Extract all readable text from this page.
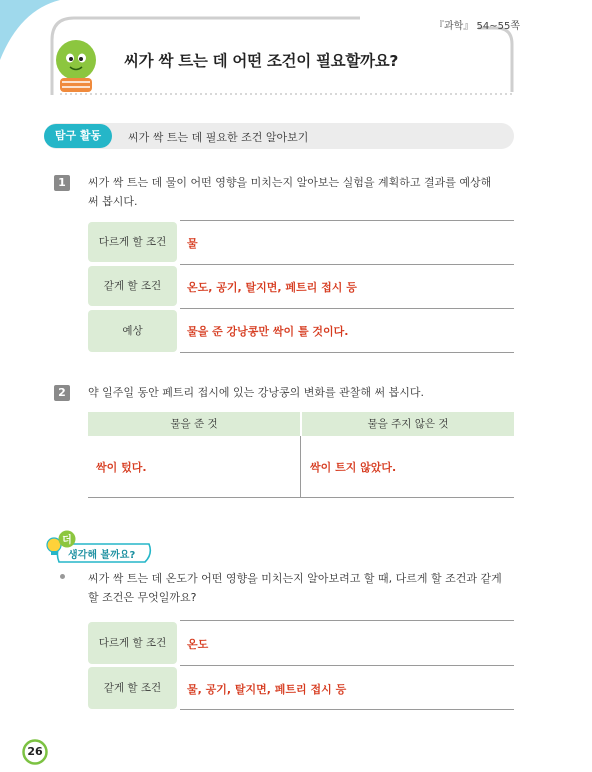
『과학』 54~55쪽
씨가 싹 트는 데 어떤 조건이 필요할까요?
탐구 활동	씨가 싹 트는 데 필요한 조건 알아보기
1	씨가 싹 트는 데 물이 어떤 영향을 미치는지 알아보는 실험을 계획하고 결과를 예상해
써 봅시다.
다르게 할 조건	물
같게 할 조건	온도, 공기, 탈지면, 페트리 접시 등
예상	물을 준 강낭콩만 싹이 틀 것이다.
2	약 일주일 동안 페트리 접시에 있는 강낭콩의 변화를 관찰해 써 봅시다.
물을 준 것	물을 주지 않은 것
싹이 텄다.	싹이 트지 않았다.
더
생각해 볼까요?
씨가 싹 트는 데 온도가 어떤 영향을 미치는지 알아보려고 할 때, 다르게 할 조건과 같게
할 조건은 무엇일까요?
다르게 할 조건	온도
같게 할 조건	물, 공기, 탈지면, 페트리 접시 등
26
